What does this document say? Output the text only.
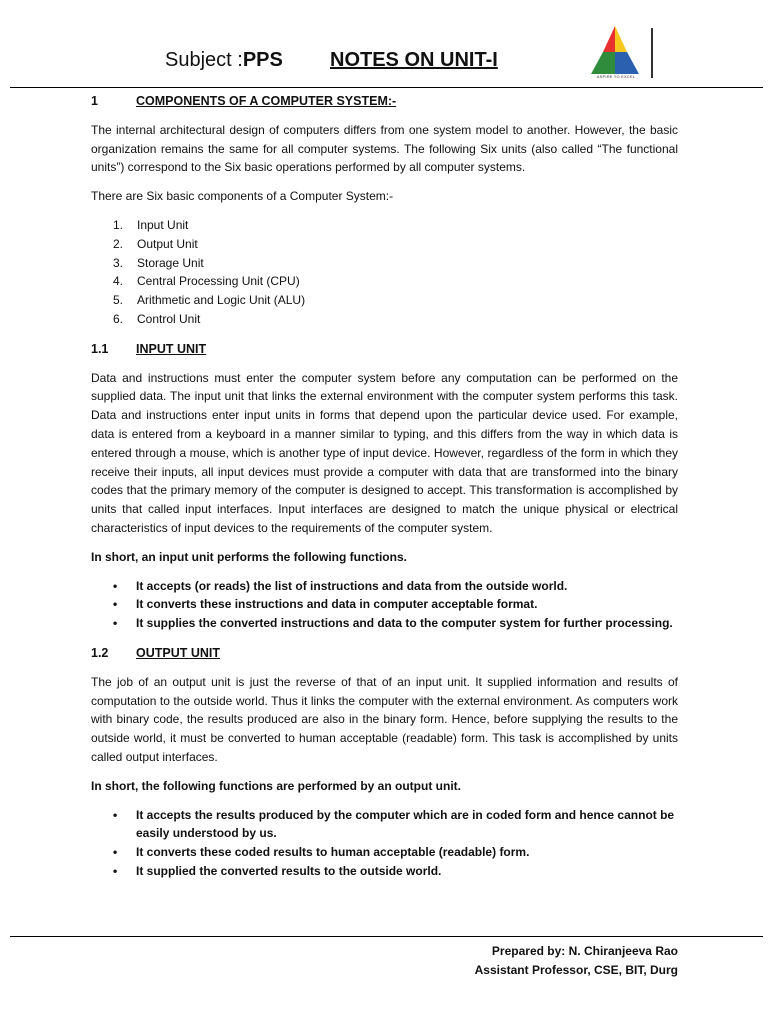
Subject :PPS NOTES ON UNIT-I
ASPIRE TO EXCEL
1	COMPONENTS OF A COMPUTER SYSTEM:-

The internal architectural design of computers differs from one system model to another. However, the basic organization remains the same for all computer systems. The following Six units (also called “The functional units”) correspond to the Six basic operations performed by all computer systems.

There are Six basic components of a Computer System:-

1.	Input Unit
2.	Output Unit
3.	Storage Unit
4.	Central Processing Unit (CPU)
5.	Arithmetic and Logic Unit (ALU)
6.	Control Unit
1.1	INPUT UNIT

Data and instructions must enter the computer system before any computation can be performed on the supplied data. The input unit that links the external environment with the computer system performs this task. Data and instructions enter input units in forms that depend upon the particular device used. For example, data is entered from a keyboard in a manner similar to typing, and this differs from the way in which data is entered through a mouse, which is another type of input device. However, regardless of the form in which they receive their inputs, all input devices must provide a computer with data that are transformed into the binary codes that the primary memory of the computer is designed to accept. This transformation is accomplished by units that called input interfaces. Input interfaces are designed to match the unique physical or electrical characteristics of input devices to the requirements of the computer system.

In short, an input unit performs the following functions.

•	It accepts (or reads) the list of instructions and data from the outside world.
•	It converts these instructions and data in computer acceptable format.
•	It supplies the converted instructions and data to the computer system for further processing.
1.2	OUTPUT UNIT

The job of an output unit is just the reverse of that of an input unit. It supplied information and results of computation to the outside world. Thus it links the computer with the external environment. As computers work with binary code, the results produced are also in the binary form. Hence, before supplying the results to the outside world, it must be converted to human acceptable (readable) form. This task is accomplished by units called output interfaces.

In short, the following functions are performed by an output unit.

•	It accepts the results produced by the computer which are in coded form and hence cannot be easily understood by us.
•	It converts these coded results to human acceptable (readable) form.
•	It supplied the converted results to the outside world.
Prepared by: N. Chiranjeeva Rao
Assistant Professor, CSE, BIT, Durg
